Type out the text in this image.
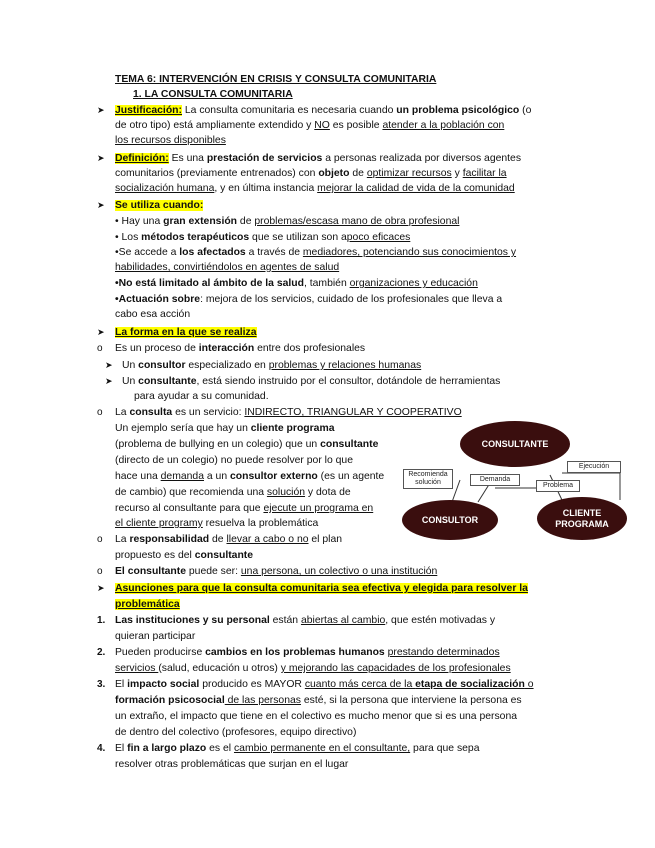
TEMA 6: INTERVENCIÓN EN CRISIS Y CONSULTA COMUNITARIA
1. LA CONSULTA COMUNITARIA
➤ Justificación: La consulta comunitaria es necesaria cuando un problema psicológico (o
de otro tipo) está ampliamente extendido y NO es posible atender a la población con
los recursos disponibles
➤ Definición: Es una prestación de servicios a personas realizada por diversos agentes
comunitarios (previamente entrenados) con objeto de optimizar recursos y facilitar la
socialización humana, y en última instancia mejorar la calidad de vida de la comunidad
➤ Se utiliza cuando:
• Hay una gran extensión de problemas/escasa mano de obra profesional
• Los métodos terapéuticos que se utilizan son apoco eficaces
•Se accede a los afectados a través de mediadores, potenciando sus conocimientos y
habilidades, convirtiéndolos en agentes de salud
•No está limitado al ámbito de la salud, también organizaciones y educación
•Actuación sobre: mejora de los servicios, cuidado de los profesionales que lleva a
cabo esa acción
➤ La forma en la que se realiza
o Es un proceso de interacción entre dos profesionales
➤ Un consultor especializado en problemas y relaciones humanas
➤ Un consultante, está siendo instruido por el consultor, dotándole de herramientas
para ayudar a su comunidad.
o La consulta es un servicio: INDIRECTO, TRIANGULAR Y COOPERATIVO
Un ejemplo sería que hay un cliente programa
(problema de bullying en un colegio) que un consultante
(directo de un colegio) no puede resolver por lo que
hace una demanda a un consultor externo (es un agente
de cambio) que recomienda una solución y dota de
recurso al consultante para que ejecute un programa en
el cliente programy resuelva la problemática
o La responsabilidad de llevar a cabo o no el plan
propuesto es del consultante
o El consultante puede ser: una persona, un colectivo o una institución
➤ Asunciones para que la consulta comunitaria sea efectiva y elegida para resolver la
problemática
1. Las instituciones y su personal están abiertas al cambio, que estén motivadas y
quieran participar
2. Pueden producirse cambios en los problemas humanos prestando determinados
servicios (salud, educación u otros) y mejorando las capacidades de los profesionales
3. El impacto social producido es MAYOR cuanto más cerca de la etapa de socialización o
formación psicosocial de las personas esté, si la persona que interviene la persona es
un extraño, el impacto que tiene en el colectivo es mucho menor que si es una persona
de dentro del colectivo (profesores, equipo directivo)
4. El fin a largo plazo es el cambio permanente en el consultante, para que sepa
resolver otras problemáticas que surjan en el lugar
CONSULTANTE
CONSULTOR
CLIENTE PROGRAMA
Recomienda solución	Demanda
Problema
Ejecución
